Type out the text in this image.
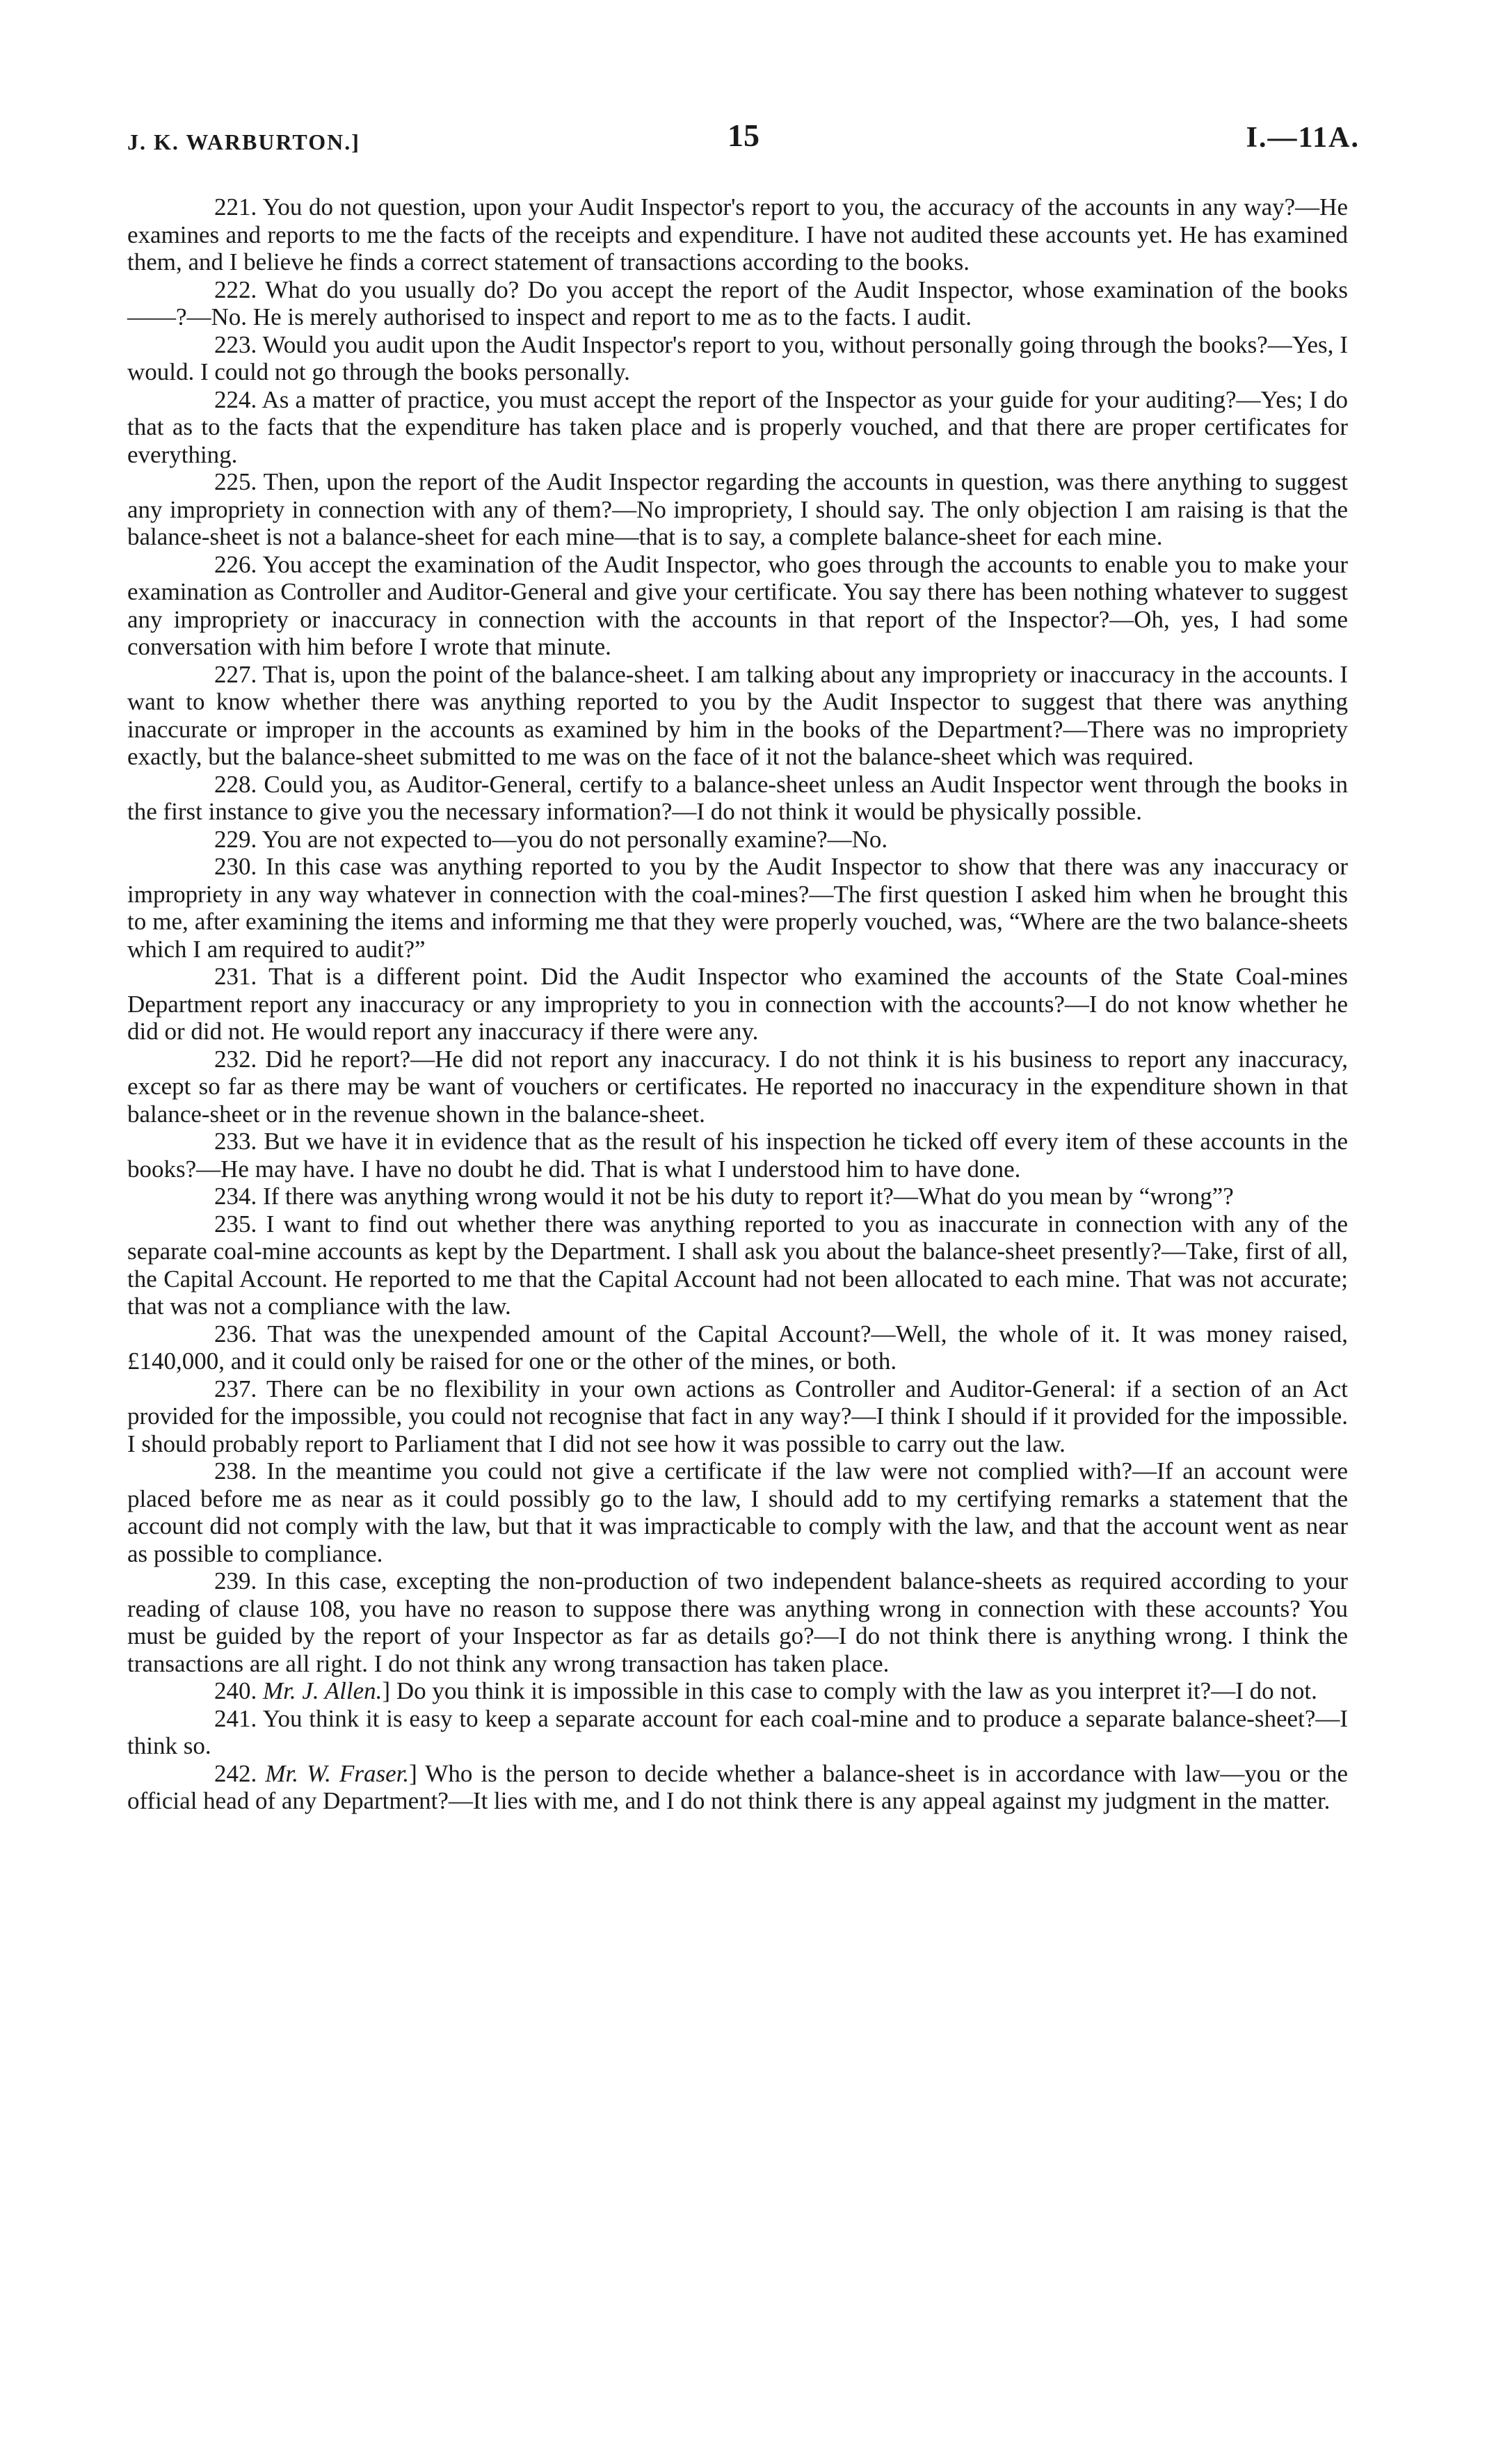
J. K. WARBURTON.]	15	I.—11A.

221. You do not question, upon your Audit Inspector's report to you, the accuracy of the accounts in any way?—He examines and reports to me the facts of the receipts and expenditure. I have not audited these accounts yet. He has examined them, and I believe he finds a correct statement of transactions according to the books.

222. What do you usually do? Do you accept the report of the Audit Inspector, whose examination of the books——?—No. He is merely authorised to inspect and report to me as to the facts. I audit.

223. Would you audit upon the Audit Inspector's report to you, without personally going through the books?—Yes, I would. I could not go through the books personally.

224. As a matter of practice, you must accept the report of the Inspector as your guide for your auditing?—Yes; I do that as to the facts that the expenditure has taken place and is properly vouched, and that there are proper certificates for everything.

225. Then, upon the report of the Audit Inspector regarding the accounts in question, was there anything to suggest any impropriety in connection with any of them?—No impropriety, I should say. The only objection I am raising is that the balance-sheet is not a balance-sheet for each mine—that is to say, a complete balance-sheet for each mine.

226. You accept the examination of the Audit Inspector, who goes through the accounts to enable you to make your examination as Controller and Auditor-General and give your certificate. You say there has been nothing whatever to suggest any impropriety or inaccuracy in connection with the accounts in that report of the Inspector?—Oh, yes, I had some conversation with him before I wrote that minute.

227. That is, upon the point of the balance-sheet. I am talking about any impropriety or inaccuracy in the accounts. I want to know whether there was anything reported to you by the Audit Inspector to suggest that there was anything inaccurate or improper in the accounts as examined by him in the books of the Department?—There was no impropriety exactly, but the balance-sheet submitted to me was on the face of it not the balance-sheet which was required.

228. Could you, as Auditor-General, certify to a balance-sheet unless an Audit Inspector went through the books in the first instance to give you the necessary information?—I do not think it would be physically possible.

229. You are not expected to—you do not personally examine?—No.

230. In this case was anything reported to you by the Audit Inspector to show that there was any inaccuracy or impropriety in any way whatever in connection with the coal-mines?—The first question I asked him when he brought this to me, after examining the items and informing me that they were properly vouched, was, “Where are the two balance-sheets which I am required to audit?”

231. That is a different point. Did the Audit Inspector who examined the accounts of the State Coal-mines Department report any inaccuracy or any impropriety to you in connection with the accounts?—I do not know whether he did or did not. He would report any inaccuracy if there were any.

232. Did he report?—He did not report any inaccuracy. I do not think it is his business to report any inaccuracy, except so far as there may be want of vouchers or certificates. He reported no inaccuracy in the expenditure shown in that balance-sheet or in the revenue shown in the balance-sheet.

233. But we have it in evidence that as the result of his inspection he ticked off every item of these accounts in the books?—He may have. I have no doubt he did. That is what I understood him to have done.

234. If there was anything wrong would it not be his duty to report it?—What do you mean by “wrong”?

235. I want to find out whether there was anything reported to you as inaccurate in connection with any of the separate coal-mine accounts as kept by the Department. I shall ask you about the balance-sheet presently?—Take, first of all, the Capital Account. He reported to me that the Capital Account had not been allocated to each mine. That was not accurate; that was not a compliance with the law.

236. That was the unexpended amount of the Capital Account?—Well, the whole of it. It was money raised, £140,000, and it could only be raised for one or the other of the mines, or both.

237. There can be no flexibility in your own actions as Controller and Auditor-General: if a section of an Act provided for the impossible, you could not recognise that fact in any way?—I think I should if it provided for the impossible. I should probably report to Parliament that I did not see how it was possible to carry out the law.

238. In the meantime you could not give a certificate if the law were not complied with?—If an account were placed before me as near as it could possibly go to the law, I should add to my certifying remarks a statement that the account did not comply with the law, but that it was impracticable to comply with the law, and that the account went as near as possible to compliance.

239. In this case, excepting the non-production of two independent balance-sheets as required according to your reading of clause 108, you have no reason to suppose there was anything wrong in connection with these accounts? You must be guided by the report of your Inspector as far as details go?—I do not think there is anything wrong. I think the transactions are all right. I do not think any wrong transaction has taken place.

240. Mr. J. Allen.] Do you think it is impossible in this case to comply with the law as you interpret it?—I do not.

241. You think it is easy to keep a separate account for each coal-mine and to produce a separate balance-sheet?—I think so.

242. Mr. W. Fraser.] Who is the person to decide whether a balance-sheet is in accordance with law—you or the official head of any Department?—It lies with me, and I do not think there is any appeal against my judgment in the matter.
